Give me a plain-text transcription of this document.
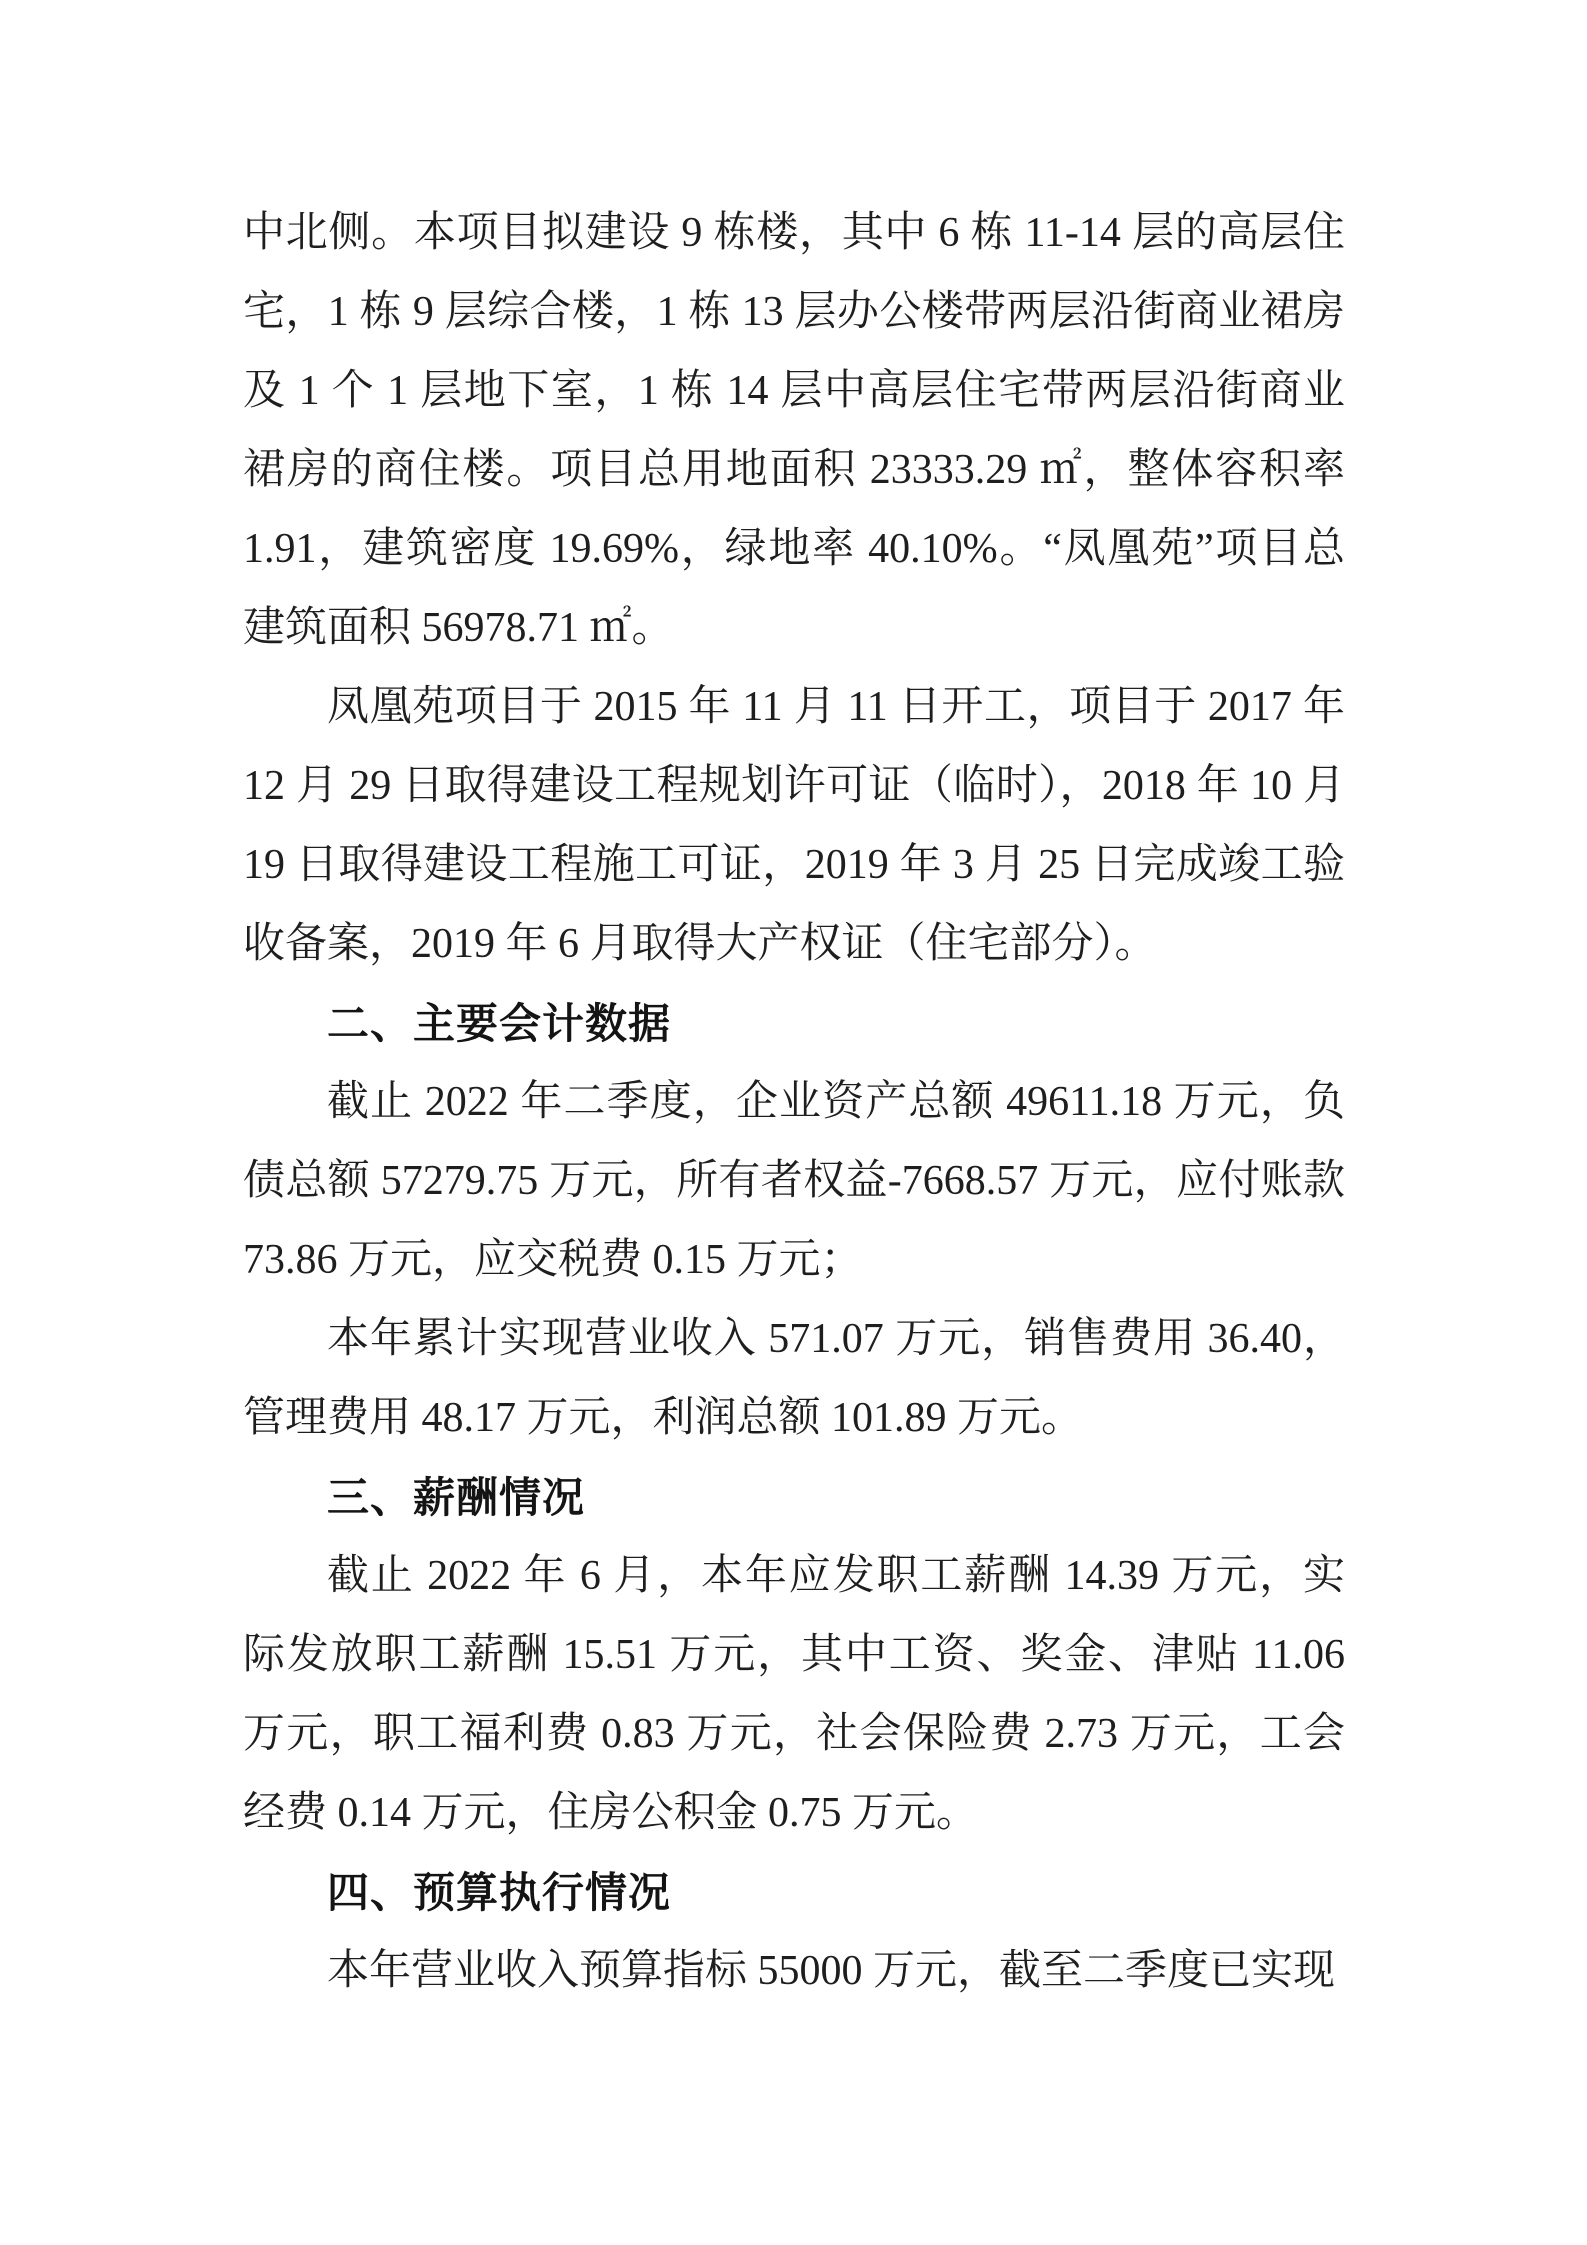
中北侧。本项目拟建设 9 栋楼，其中 6 栋 11-14 层的高层住宅，1 栋 9 层综合楼，1 栋 13 层办公楼带两层沿街商业裙房及 1 个 1 层地下室，1 栋 14 层中高层住宅带两层沿街商业裙房的商住楼。项目总用地面积 23333.29 ㎡，整体容积率 1.91，建筑密度 19.69%，绿地率 40.10%。“凤凰苑”项目总建筑面积 56978.71 ㎡。
凤凰苑项目于 2015 年 11 月 11 日开工，项目于 2017 年 12 月 29 日取得建设工程规划许可证（临时），2018 年 10 月 19 日取得建设工程施工可证，2019 年 3 月 25 日完成竣工验收备案，2019 年 6 月取得大产权证（住宅部分）。
二、主要会计数据
截止 2022 年二季度，企业资产总额 49611.18 万元，负债总额 57279.75 万元，所有者权益-7668.57 万元，应付账款 73.86 万元，应交税费 0.15 万元；
本年累计实现营业收入 571.07 万元，销售费用 36.40，管理费用 48.17 万元，利润总额 101.89 万元。
三、薪酬情况
截止 2022 年 6 月，本年应发职工薪酬 14.39 万元，实际发放职工薪酬 15.51 万元，其中工资、奖金、津贴 11.06 万元，职工福利费 0.83 万元，社会保险费 2.73 万元，工会经费 0.14 万元，住房公积金 0.75 万元。
四、预算执行情况
本年营业收入预算指标 55000 万元，截至二季度已实现
